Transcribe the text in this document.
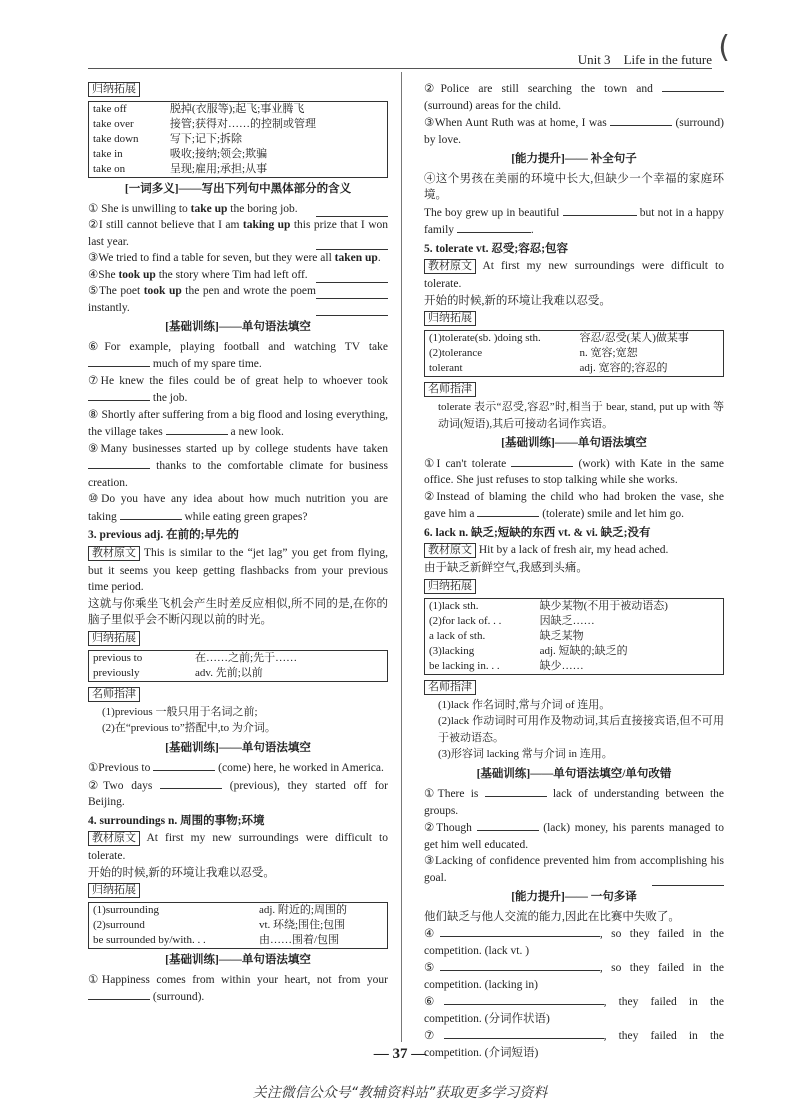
(
Unit 3 Life in the future
归纳拓展
take off	脱掉(衣服等);起飞;事业腾飞
take over	接管;获得对……的控制或管理
take down	写下;记下;拆除
take in	吸收;接纳;领会;欺骗
take on	呈现;雇用;承担;从事
[一词多义]——写出下列句中黑体部分的含义
① She is unwilling to take up the boring job.
②I still cannot believe that I am taking up this prize that I won last year.
③We tried to find a table for seven, but they were all taken up.
④She took up the story where Tim had left off.
⑤The poet took up the pen and wrote the poem instantly.
[基础训练]——单句语法填空
⑥For example, playing football and watching TV take  much of my spare time.
⑦He knew the files could be of great help to whoever took  the job.
⑧ Shortly after suffering from a big flood and losing everything, the village takes	a new look.
⑨Many businesses started up by college students have taken  thanks to the comfortable climate for business creation.
⑩Do you have any idea about how much nutrition you are taking	while eating green grapes?
3. previous adj. 在前的;早先的
教材原文 This is similar to the “jet lag” you get from flying, but it seems you keep getting flashbacks from your previous time period.
这就与你乘坐飞机会产生时差反应相似,所不同的是,在你的脑子里似乎会不断闪现以前的时光。
归纳拓展
previous to	在……之前;先于……
previously	adv. 先前;以前
名师指津
(1)previous 一般只用于名词之前;
(2)在“previous to”搭配中,to 为介词。
[基础训练]——单句语法填空
①Previous to	(come) here, he worked in America.
②Two days	(previous), they started off for Beijing.
4. surroundings n. 周围的事物;环境
教材原文 At first my new surroundings were difficult to tolerate.
开始的时候,新的环境让我难以忍受。
归纳拓展
(1)surrounding	adj. 附近的;周围的
(2)surround	vt. 环绕;围住;包围
be surrounded by/with. . .	由……围着/包围
[基础训练]——单句语法填空
①Happiness comes from within your heart, not from your  (surround).
②Police are still searching the town and  (surround) areas for the child.
③When Aunt Ruth was at home, I was	(surround) by love.
[能力提升]—— 补全句子
④这个男孩在美丽的环境中长大,但缺少一个幸福的家庭环境。
The boy grew up in beautiful	but not in a happy family	.
5. tolerate vt. 忍受;容忍;包容
教材原文 At first my new surroundings were difficult to tolerate.
开始的时候,新的环境让我难以忍受。
归纳拓展
(1)tolerate(sb. )doing sth.	容忍/忍受(某人)做某事
(2)tolerance	n. 宽容;宽恕
tolerant	adj. 宽容的;容忍的
名师指津
tolerate 表示“忍受,容忍”时,相当于 bear, stand, put up with 等动词(短语),其后可接动名词作宾语。
[基础训练]——单句语法填空
①I can't tolerate	(work) with Kate in the same office. She just refuses to stop talking while she works.
②Instead of blaming the child who had broken the vase, she gave him a	(tolerate) smile and let him go.
6. lack n. 缺乏;短缺的东西 vt. & vi. 缺乏;没有
教材原文 Hit by a lack of fresh air, my head ached.
由于缺乏新鲜空气,我感到头痛。
归纳拓展
(1)lack sth.	缺少某物(不用于被动语态)
(2)for lack of. . .	因缺乏……
a lack of sth.	缺乏某物
(3)lacking	adj. 短缺的;缺乏的
be lacking in. . .	缺少……
名师指津
(1)lack 作名词时,常与介词 of 连用。
(2)lack 作动词时可用作及物动词,其后直接接宾语,但不可用于被动语态。
(3)形容词 lacking 常与介词 in 连用。
[基础训练]——单句语法填空/单句改错
①There is	lack of understanding between the groups.
②Though	(lack) money, his parents managed to get him well educated.
③Lacking of confidence prevented him from accomplishing his goal.
[能力提升]—— 一句多译
他们缺乏与他人交流的能力,因此在比赛中失败了。
④	, so they failed in the competition. (lack vt. )
⑤	, so they failed in the competition. (lacking in)
⑥	, they failed in the competition. (分词作状语)
⑦	, they failed in the competition. (介词短语)
— 37 —
关注微信公众号“教辅资料站”获取更多学习资料
